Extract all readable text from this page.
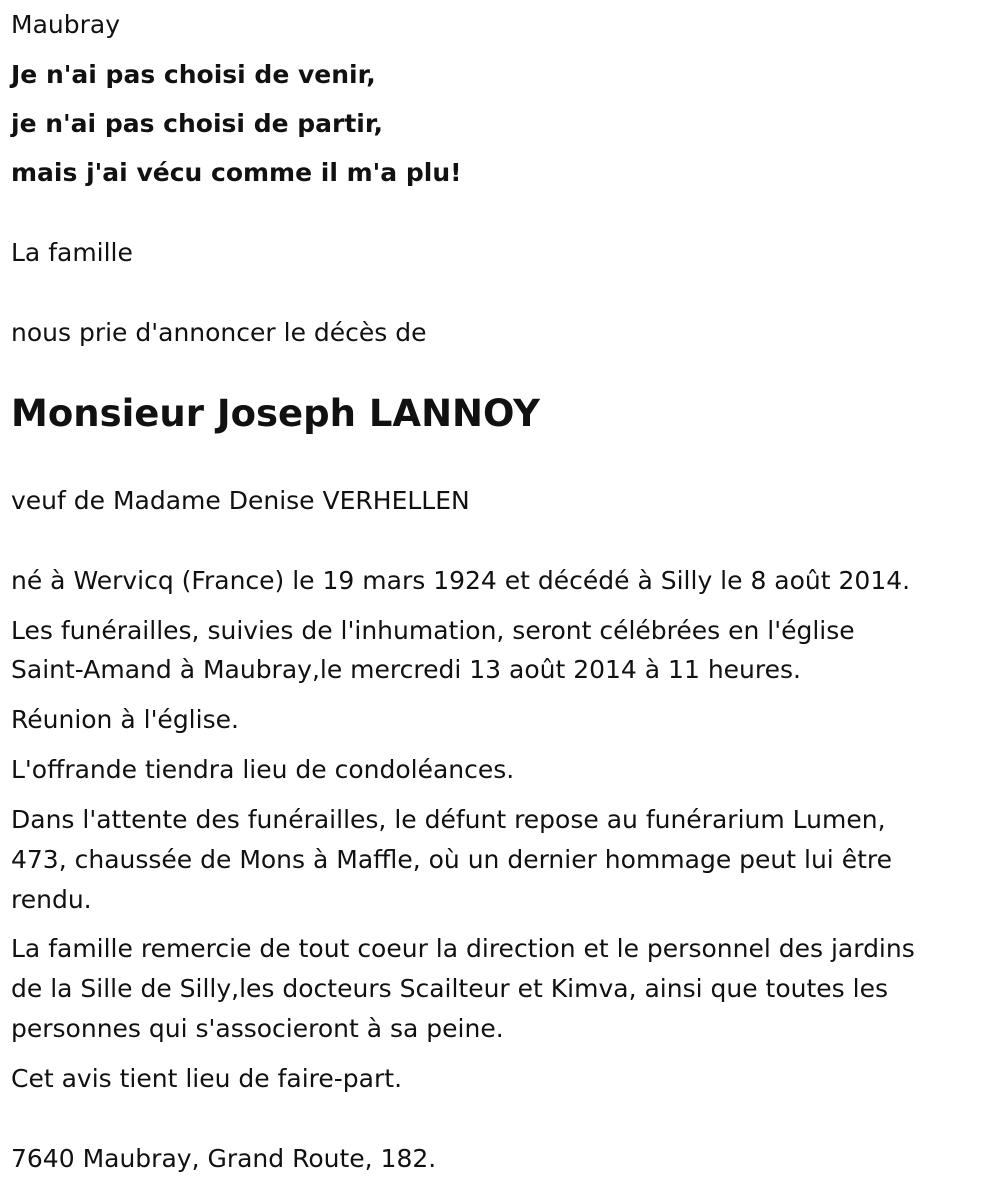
Maubray
Je n'ai pas choisi de venir,
je n'ai pas choisi de partir,
mais j'ai vécu comme il m'a plu!
La famille
nous prie d'annoncer le décès de
Monsieur Joseph LANNOY
veuf de Madame Denise VERHELLEN
né à Wervicq (France) le 19 mars 1924 et décédé à Silly le 8 août 2014.
Les funérailles, suivies de l'inhumation, seront célébrées en l'église
Saint-Amand à Maubray,le mercredi 13 août 2014 à 11 heures.
Réunion à l'église.
L'offrande tiendra lieu de condoléances.
Dans l'attente des funérailles, le défunt repose au funérarium Lumen,
473, chaussée de Mons à Maffle, où un dernier hommage peut lui être
rendu.
La famille remercie de tout coeur la direction et le personnel des jardins
de la Sille de Silly,les docteurs Scailteur et Kimva, ainsi que toutes les
personnes qui s'associeront à sa peine.
Cet avis tient lieu de faire-part.
7640 Maubray, Grand Route, 182.
